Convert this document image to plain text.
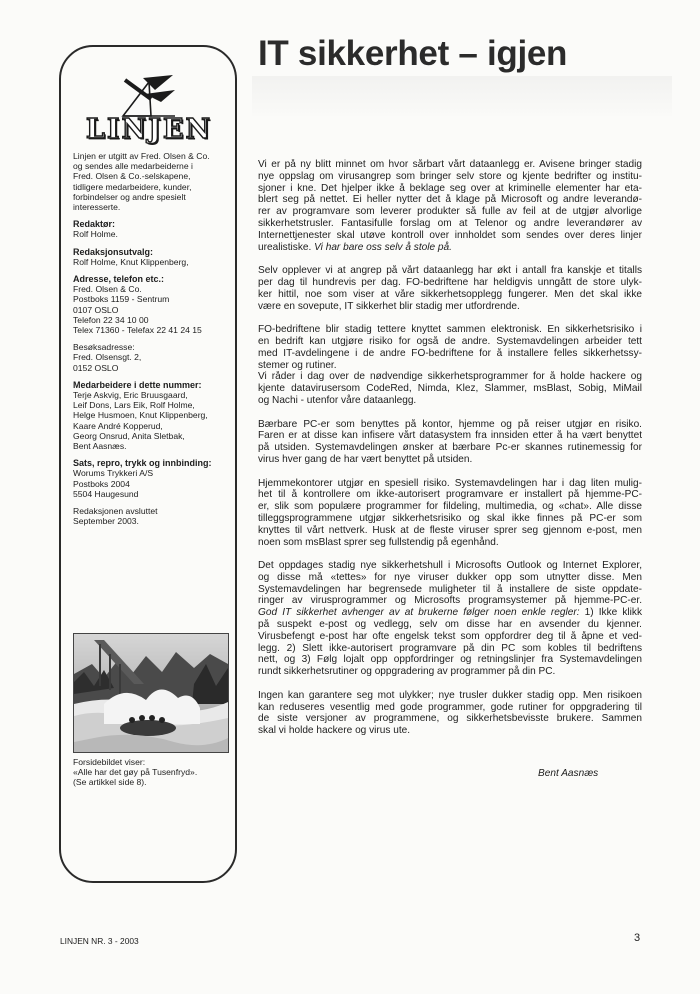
LINJEN
Linjen er utgitt av Fred. Olsen & Co.
og sendes alle medarbeiderne i
Fred. Olsen & Co.-selskapene,
tidligere medarbeidere, kunder,
forbindelser og andre spesielt
interesserte.
Redaktør:
Rolf Holme.
Redaksjonsutvalg:
Rolf Holme, Knut Klippenberg,
Adresse, telefon etc.:
Fred. Olsen & Co.
Postboks 1159 - Sentrum
0107 OSLO
Telefon 22 34 10 00
Telex 71360 - Telefax 22 41 24 15
Besøksadresse:
Fred. Olsensgt. 2,
0152 OSLO
Medarbeidere i dette nummer:
Terje Askvig, Eric Bruusgaard,
Leif Dons, Lars Eik, Rolf Holme,
Helge Husmoen, Knut Klippenberg,
Kaare André Kopperud,
Georg Onsrud, Anita Sletbak,
Bent Aasnæs.
Sats, repro, trykk og innbinding:
Worums Trykkeri A/S
Postboks 2004
5504 Haugesund
Redaksjonen avsluttet
September 2003.
Forsidebildet viser:
«Alle har det gøy på Tusenfryd».
(Se artikkel side 8).
IT sikkerhet – igjen
Vi er på ny blitt minnet om hvor sårbart vårt dataanlegg er. Avisene bringer stadig
nye oppslag om virusangrep som bringer selv store og kjente bedrifter og institu-
sjoner i kne. Det hjelper ikke å beklage seg over at kriminelle elementer har eta-
blert seg på nettet. Ei heller nytter det å klage på Microsoft og andre leverandø-
rer av programvare som leverer produkter så fulle av feil at de utgjør alvorlige
sikkerhetstrusler. Fantasifulle forslag om at Telenor og andre leverandører av
Internettjenester skal utøve kontroll over innholdet som sendes over deres linjer
urealistiske. Vi har bare oss selv å stole på.
Selv opplever vi at angrep på vårt dataanlegg har økt i antall fra kanskje et titalls
per dag til hundrevis per dag. FO-bedriftene har heldigvis unngått de store ulyk-
ker hittil, noe som viser at våre sikkerhetsopplegg fungerer. Men det skal ikke
være en sovepute, IT sikkerhet blir stadig mer utfordrende.
FO-bedriftene blir stadig tettere knyttet sammen elektronisk. En sikkerhetsrisiko i
en bedrift kan utgjøre risiko for også de andre. Systemavdelingen arbeider tett
med IT-avdelingene i de andre FO-bedriftene for å installere felles sikkerhetssy-
stemer og rutiner.
Vi råder i dag over de nødvendige sikkerhetsprogrammer for å holde hackere og
kjente datavirusersom CodeRed, Nimda, Klez, Slammer, msBlast, Sobig, MiMail
og Nachi - utenfor våre dataanlegg.
Bærbare PC-er som benyttes på kontor, hjemme og på reiser utgjør en risiko.
Faren er at disse kan infisere vårt datasystem fra innsiden etter å ha vært benyttet
på utsiden. Systemavdelingen ønsker at bærbare Pc-er skannes rutinemessig for
virus hver gang de har vært benyttet på utsiden.
Hjemmekontorer utgjør en spesiell risiko. Systemavdelingen har i dag liten mulig-
het til å kontrollere om ikke-autorisert programvare er installert på hjemme-PC-
er, slik som populære programmer for fildeling, multimedia, og «chat». Alle disse
tilleggsprogrammene utgjør sikkerhetsrisiko og skal ikke finnes på PC-er som
knyttes til vårt nettverk. Husk at de fleste viruser sprer seg gjennom e-post, men
noen som msBlast sprer seg fullstendig på egenhånd.
Det oppdages stadig nye sikkerhetshull i Microsofts Outlook og Internet Explorer,
og disse må «tettes» for nye viruser dukker opp som utnytter disse. Men
Systemavdelingen har begrensede muligheter til å installere de siste oppdate-
ringer av virusprogrammer og Microsofts programsystemer på hjemme-PC-er.
God IT sikkerhet avhenger av at brukerne følger noen enkle regler: 1) Ikke klikk
på suspekt e-post og vedlegg, selv om disse har en avsender du kjenner.
Virusbefengt e-post har ofte engelsk tekst som oppfordrer deg til å åpne et ved-
legg. 2) Slett ikke-autorisert programvare på din PC som kobles til bedriftens
nett, og 3) Følg lojalt opp oppfordringer og retningslinjer fra Systemavdelingen
rundt sikkerhetsrutiner og oppgradering av programmer på din PC.
Ingen kan garantere seg mot ulykker; nye trusler dukker stadig opp. Men risikoen
kan reduseres vesentlig med gode programmer, gode rutiner for oppgradering til
de siste versjoner av programmene, og sikkerhetsbevisste brukere. Sammen
skal vi holde hackere og virus ute.
Bent Aasnæs
LINJEN NR. 3 - 2003	3
